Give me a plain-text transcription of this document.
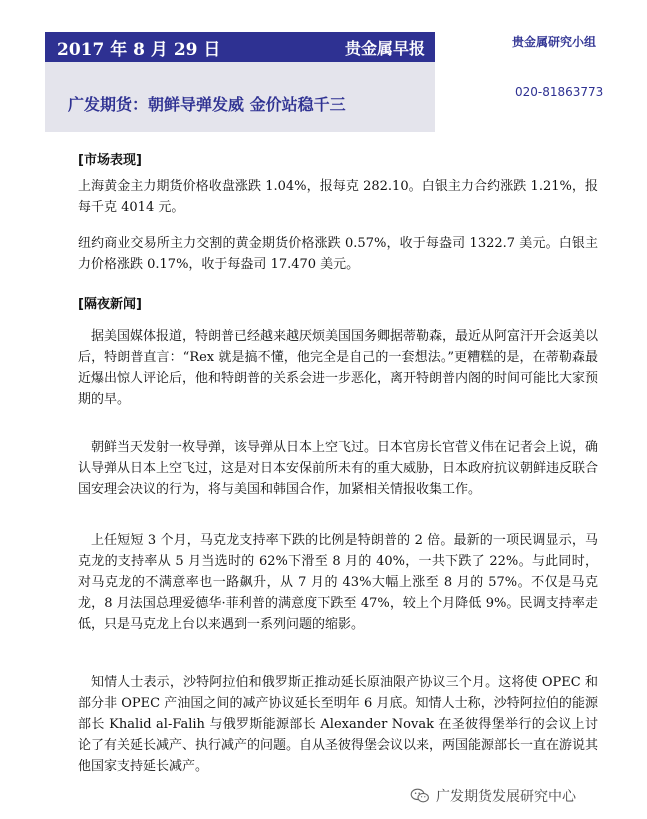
2017 年 8 月 29 日	贵金属早报
广发期货：朝鲜导弹发威 金价站稳千三
贵金属研究小组
020-81863773
[市场表现]

上海黄金主力期货价格收盘涨跌 1.04%，报每克 282.10。白银主力合约涨跌 1.21%，报每千克 4014 元。

纽约商业交易所主力交割的黄金期货价格涨跌 0.57%，收于每盎司 1322.7 美元。白银主力价格涨跌 0.17%，收于每盎司 17.470 美元。

[隔夜新闻]

据美国媒体报道，特朗普已经越来越厌烦美国国务卿据蒂勒森，最近从阿富汗开会返美以后，特朗普直言：“Rex 就是搞不懂，他完全是自己的一套想法。”更糟糕的是，在蒂勒森最近爆出惊人评论后，他和特朗普的关系会进一步恶化，离开特朗普内阁的时间可能比大家预期的早。

朝鲜当天发射一枚导弹，该导弹从日本上空飞过。日本官房长官菅义伟在记者会上说，确认导弹从日本上空飞过，这是对日本安保前所未有的重大威胁，日本政府抗议朝鲜违反联合国安理会决议的行为，将与美国和韩国合作，加紧相关情报收集工作。

上任短短 3 个月，马克龙支持率下跌的比例是特朗普的 2 倍。最新的一项民调显示，马克龙的支持率从 5 月当选时的 62%下滑至 8 月的 40%，一共下跌了 22%。与此同时，对马克龙的不满意率也一路飙升，从 7 月的 43%大幅上涨至 8 月的 57%。不仅是马克龙，8 月法国总理爱德华·菲利普的满意度下跌至 47%，较上个月降低 9%。民调支持率走低，只是马克龙上台以来遇到一系列问题的缩影。

知情人士表示，沙特阿拉伯和俄罗斯正推动延长原油限产协议三个月。这将使 OPEC 和部分非 OPEC 产油国之间的减产协议延长至明年 6 月底。知情人士称，沙特阿拉伯的能源部长 Khalid al-Falih 与俄罗斯能源部长 Alexander Novak 在圣彼得堡举行的会议上讨论了有关延长减产、执行减产的问题。自从圣彼得堡会议以来，两国能源部长一直在游说其他国家支持延长减产。

广发期货发展研究中心
